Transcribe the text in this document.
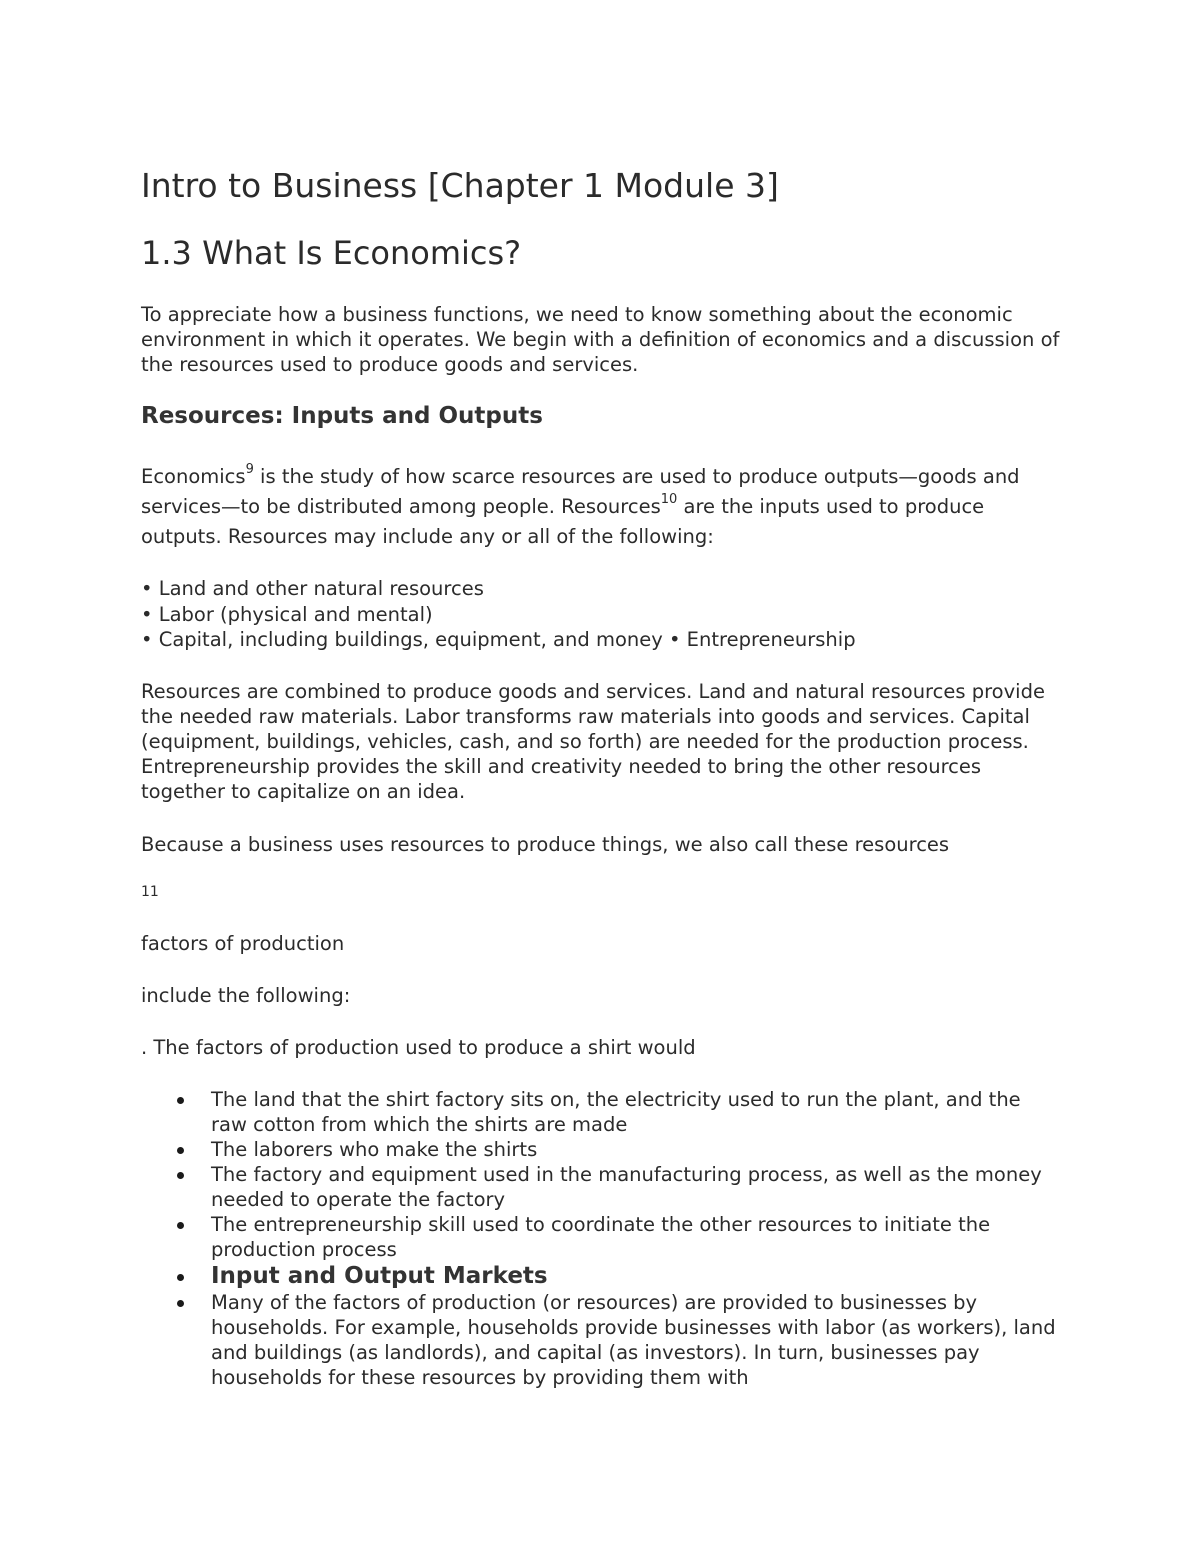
Intro to Business [Chapter 1 Module 3]
1.3 What Is Economics?

To appreciate how a business functions, we need to know something about the economic environment in which it operates. We begin with a definition of economics and a discussion of the resources used to produce goods and services.

Resources: Inputs and Outputs

Economics$^9$ is the study of how scarce resources are used to produce outputs—goods and services—to be distributed among people. Resources$^{10}$ are the inputs used to produce outputs. Resources may include any or all of the following:

• Land and other natural resources
• Labor (physical and mental)
• Capital, including buildings, equipment, and money • Entrepreneurship

Resources are combined to produce goods and services. Land and natural resources provide the needed raw materials. Labor transforms raw materials into goods and services. Capital (equipment, buildings, vehicles, cash, and so forth) are needed for the production process. Entrepreneurship provides the skill and creativity needed to bring the other resources together to capitalize on an idea.

Because a business uses resources to produce things, we also call these resources

11

factors of production

include the following:

. The factors of production used to produce a shirt would

The land that the shirt factory sits on, the electricity used to run the plant, and the raw cotton from which the shirts are made
The laborers who make the shirts
The factory and equipment used in the manufacturing process, as well as the money needed to operate the factory
The entrepreneurship skill used to coordinate the other resources to initiate the production process
Input and Output Markets
Many of the factors of production (or resources) are provided to businesses by households. For example, households provide businesses with labor (as workers), land and buildings (as landlords), and capital (as investors). In turn, businesses pay households for these resources by providing them with
